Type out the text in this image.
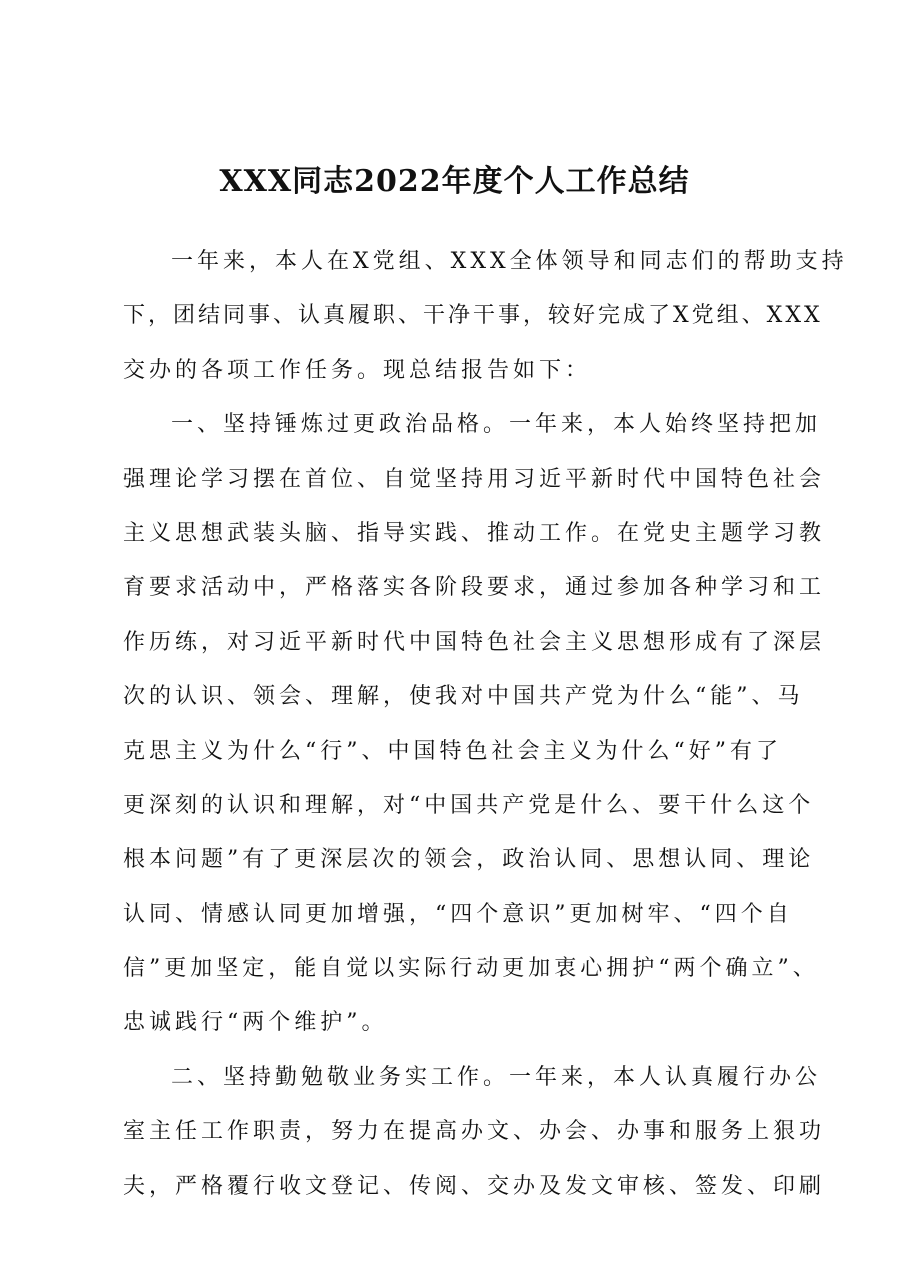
XXX同志2022年度个人工作总结
一年来，本人在X党组、XXX全体领导和同志们的帮助支持
下，团结同事、认真履职、干净干事，较好完成了X党组、XXX
交办的各项工作任务。现总结报告如下：
一、坚持锤炼过更政治品格。一年来，本人始终坚持把加
强理论学习摆在首位、自觉坚持用习近平新时代中国特色社会
主义思想武装头脑、指导实践、推动工作。在党史主题学习教
育要求活动中，严格落实各阶段要求，通过参加各种学习和工
作历练，对习近平新时代中国特色社会主义思想形成有了深层
次的认识、领会、理解，使我对中国共产党为什么“能”、马
克思主义为什么“行”、中国特色社会主义为什么“好”有了
更深刻的认识和理解，对“中国共产党是什么、要干什么这个
根本问题”有了更深层次的领会，政治认同、思想认同、理论
认同、情感认同更加增强，“四个意识”更加树牢、“四个自
信”更加坚定，能自觉以实际行动更加衷心拥护“两个确立”、
忠诚践行“两个维护”。
二、坚持勤勉敬业务实工作。一年来，本人认真履行办公
室主任工作职责，努力在提高办文、办会、办事和服务上狠功
夫，严格覆行收文登记、传阅、交办及发文审核、签发、印刷
